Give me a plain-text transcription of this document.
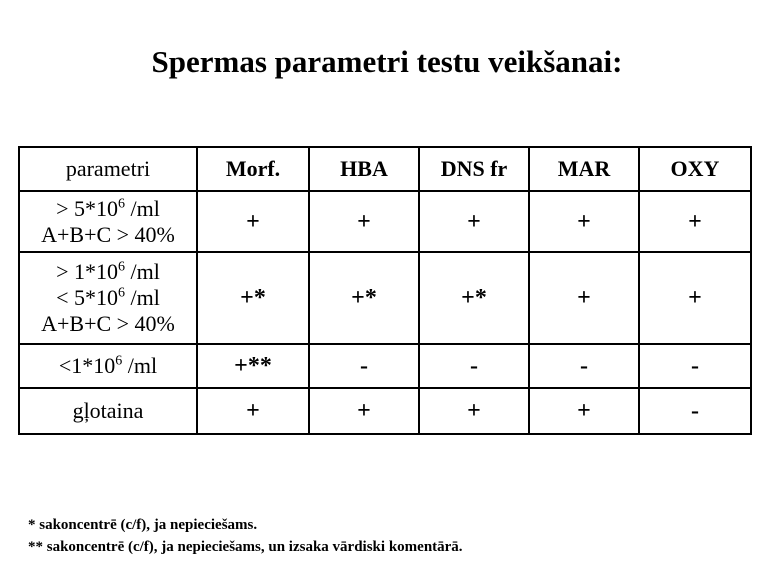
Spermas parametri testu veikšanai:
parametri	Morf.	HBA	DNS fr	MAR	OXY

> $5*10^6$ /ml
A+B+C > 40%	+	+	+	+	+

> $1*10^6$ /ml
< $5*10^6$ /ml
A+B+C > 40%	+*	+*	+*	+	+

$<1*10^6$ /ml	+**	-	-	-	-

gļotaina	+	+	+	+	-
* sakoncentrē (c/f), ja nepieciešams.
** sakoncentrē (c/f), ja nepieciešams, un izsaka vārdiski komentārā.
